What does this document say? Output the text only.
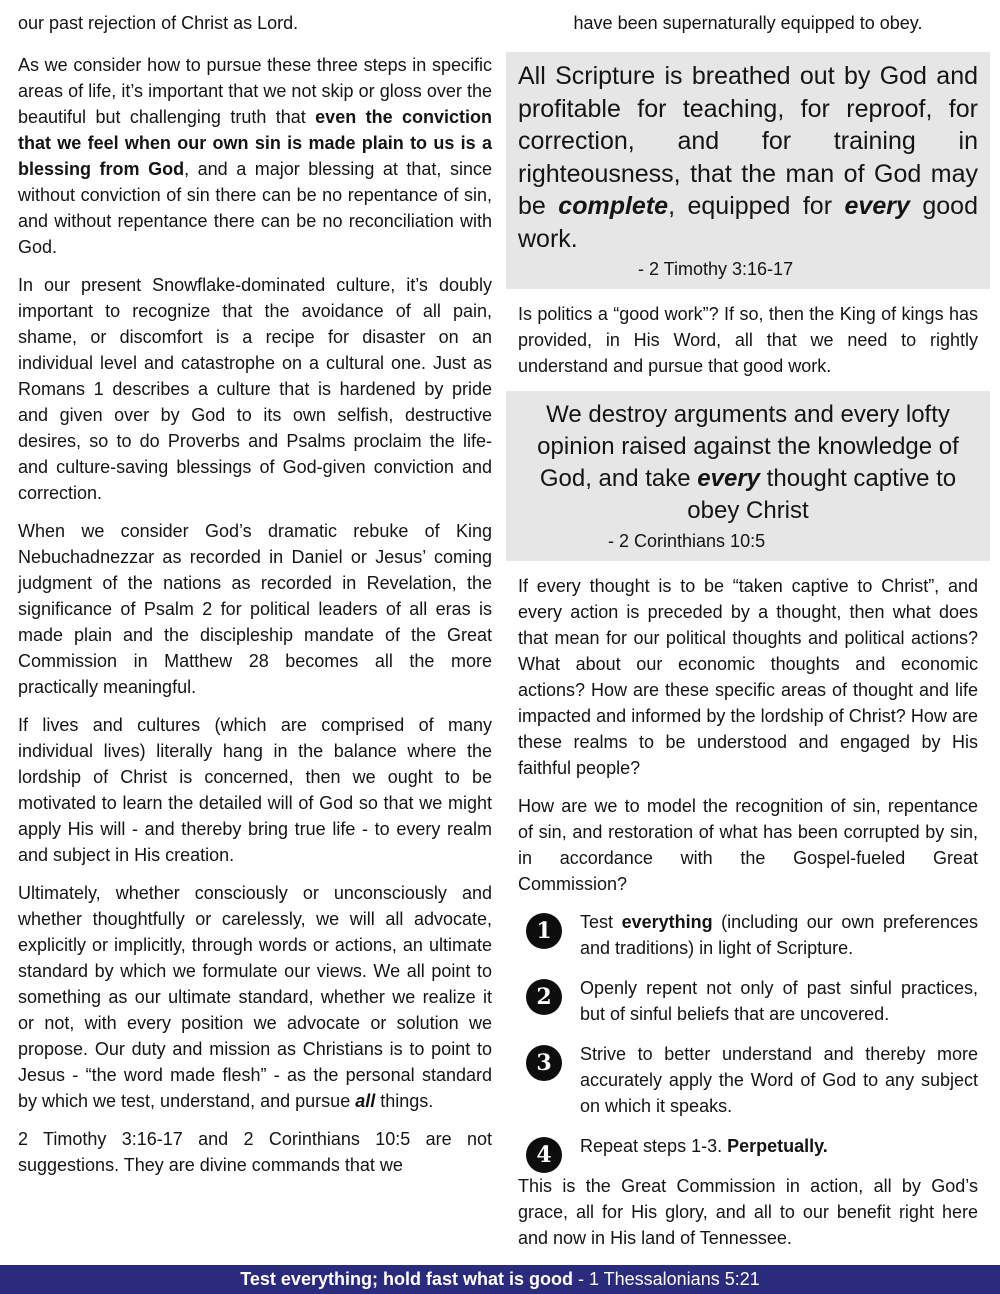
our past rejection of Christ as Lord.

As we consider how to pursue these three steps in specific areas of life, it’s important that we not skip or gloss over the beautiful but challenging truth that even the conviction that we feel when our own sin is made plain to us is a blessing from God, and a major blessing at that, since without conviction of sin there can be no repentance of sin, and without repentance there can be no reconciliation with God.

In our present Snowflake-dominated culture, it’s doubly important to recognize that the avoidance of all pain, shame, or discomfort is a recipe for disaster on an individual level and catastrophe on a cultural one. Just as Romans 1 describes a culture that is hardened by pride and given over by God to its own selfish, destructive desires, so to do Proverbs and Psalms proclaim the life- and culture-saving blessings of God-given conviction and correction.

When we consider God’s dramatic rebuke of King Nebuchadnezzar as recorded in Daniel or Jesus’ coming judgment of the nations as recorded in Revelation, the significance of Psalm 2 for political leaders of all eras is made plain and the discipleship mandate of the Great Commission in Matthew 28 becomes all the more practically meaningful.

If lives and cultures (which are comprised of many individual lives) literally hang in the balance where the lordship of Christ is concerned, then we ought to be motivated to learn the detailed will of God so that we might apply His will - and thereby bring true life - to every realm and subject in His creation.

Ultimately, whether consciously or unconsciously and whether thoughtfully or carelessly, we will all advocate, explicitly or implicitly, through words or actions, an ultimate standard by which we formulate our views. We all point to something as our ultimate standard, whether we realize it or not, with every position we advocate or solution we propose. Our duty and mission as Christians is to point to Jesus - “the word made flesh” - as the personal standard by which we test, understand, and pursue all things.

2 Timothy 3:16-17 and 2 Corinthians 10:5 are not suggestions. They are divine commands that we

have been supernaturally equipped to obey.

All Scripture is breathed out by God and profitable for teaching, for reproof, for correction, and for training in righteousness, that the man of God may be complete, equipped for every good work.

- 2 Timothy 3:16-17

Is politics a “good work”? If so, then the King of kings has provided, in His Word, all that we need to rightly understand and pursue that good work.

We destroy arguments and every lofty opinion raised against the knowledge of God, and take every thought captive to obey Christ

- 2 Corinthians 10:5

If every thought is to be “taken captive to Christ”, and every action is preceded by a thought, then what does that mean for our political thoughts and political actions? What about our economic thoughts and economic actions? How are these specific areas of thought and life impacted and informed by the lordship of Christ? How are these realms to be understood and engaged by His faithful people?

How are we to model the recognition of sin, repentance of sin, and restoration of what has been corrupted by sin, in accordance with the Gospel-fueled Great Commission?

1	Test everything (including our own preferences and traditions) in light of Scripture.

2	Openly repent not only of past sinful practices, but of sinful beliefs that are uncovered.

3	Strive to better understand and thereby more accurately apply the Word of God to any subject on which it speaks.

4	Repeat steps 1-3. Perpetually.

This is the Great Commission in action, all by God’s grace, all for His glory, and all to our benefit right here and now in His land of Tennessee.

Test everything; hold fast what is good - 1 Thessalonians 5:21
